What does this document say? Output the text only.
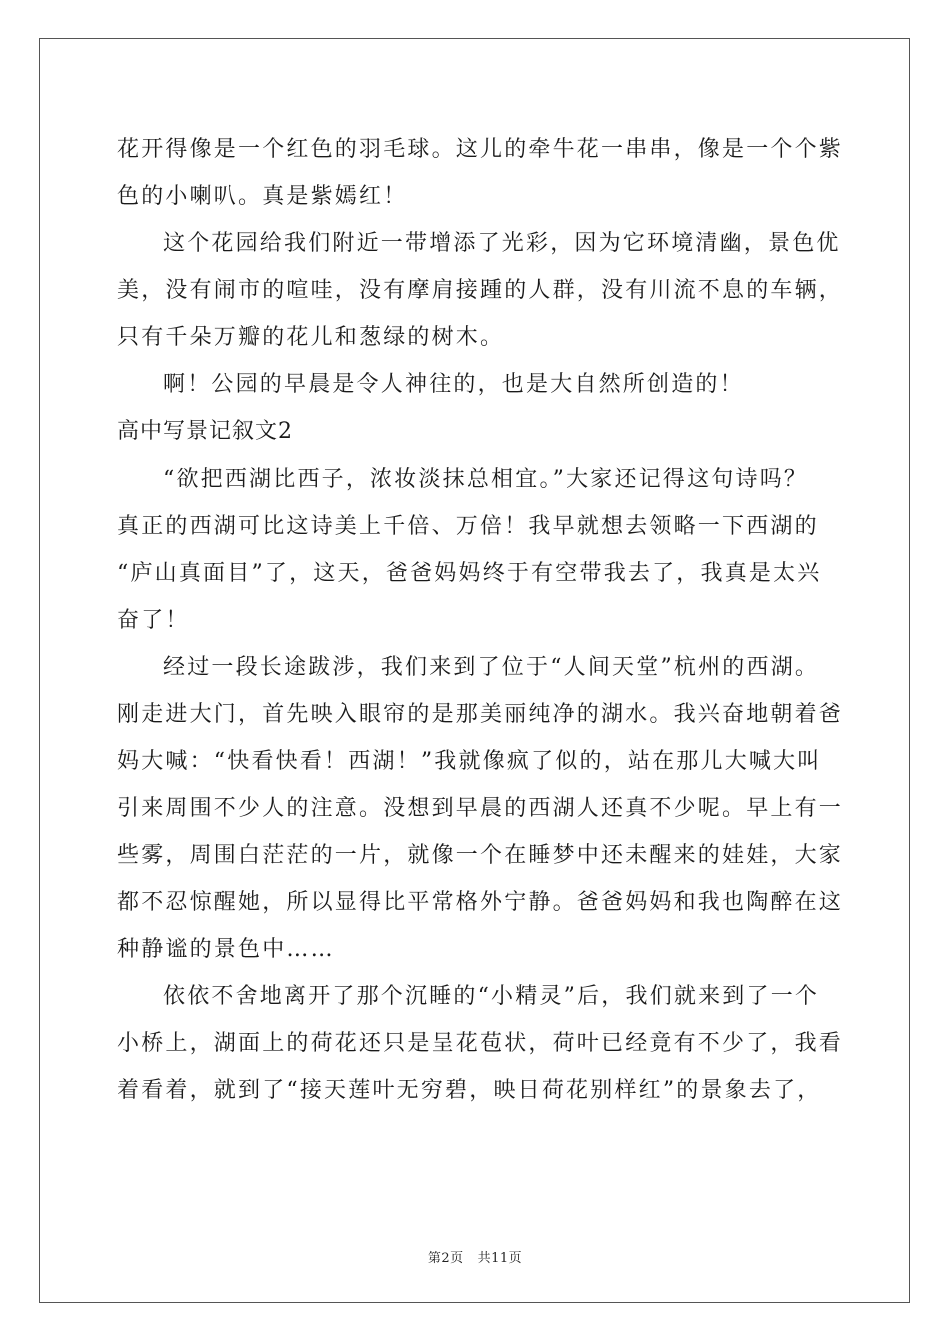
花开得像是一个红色的羽毛球。这儿的牵牛花一串串，像是一个个紫
色的小喇叭。真是紫嫣红！
这个花园给我们附近一带增添了光彩，因为它环境清幽，景色优
美，没有闹市的喧哇，没有摩肩接踵的人群，没有川流不息的车辆，
只有千朵万瓣的花儿和葱绿的树木。
啊！公园的早晨是令人神往的，也是大自然所创造的！
高中写景记叙文2
“欲把西湖比西子，浓妆淡抹总相宜。”大家还记得这句诗吗？
真正的西湖可比这诗美上千倍、万倍！我早就想去领略一下西湖的
“庐山真面目”了，这天，爸爸妈妈终于有空带我去了，我真是太兴
奋了！
经过一段长途跋涉，我们来到了位于“人间天堂”杭州的西湖。
刚走进大门，首先映入眼帘的是那美丽纯净的湖水。我兴奋地朝着爸
妈大喊：“快看快看！西湖！”我就像疯了似的，站在那儿大喊大叫
引来周围不少人的注意。没想到早晨的西湖人还真不少呢。早上有一
些雾，周围白茫茫的一片，就像一个在睡梦中还未醒来的娃娃，大家
都不忍惊醒她，所以显得比平常格外宁静。爸爸妈妈和我也陶醉在这
种静谧的景色中……
依依不舍地离开了那个沉睡的“小精灵”后，我们就来到了一个
小桥上，湖面上的荷花还只是呈花苞状，荷叶已经竟有不少了，我看
着看着，就到了“接天莲叶无穷碧，映日荷花别样红”的景象去了，
第2页 共11页
